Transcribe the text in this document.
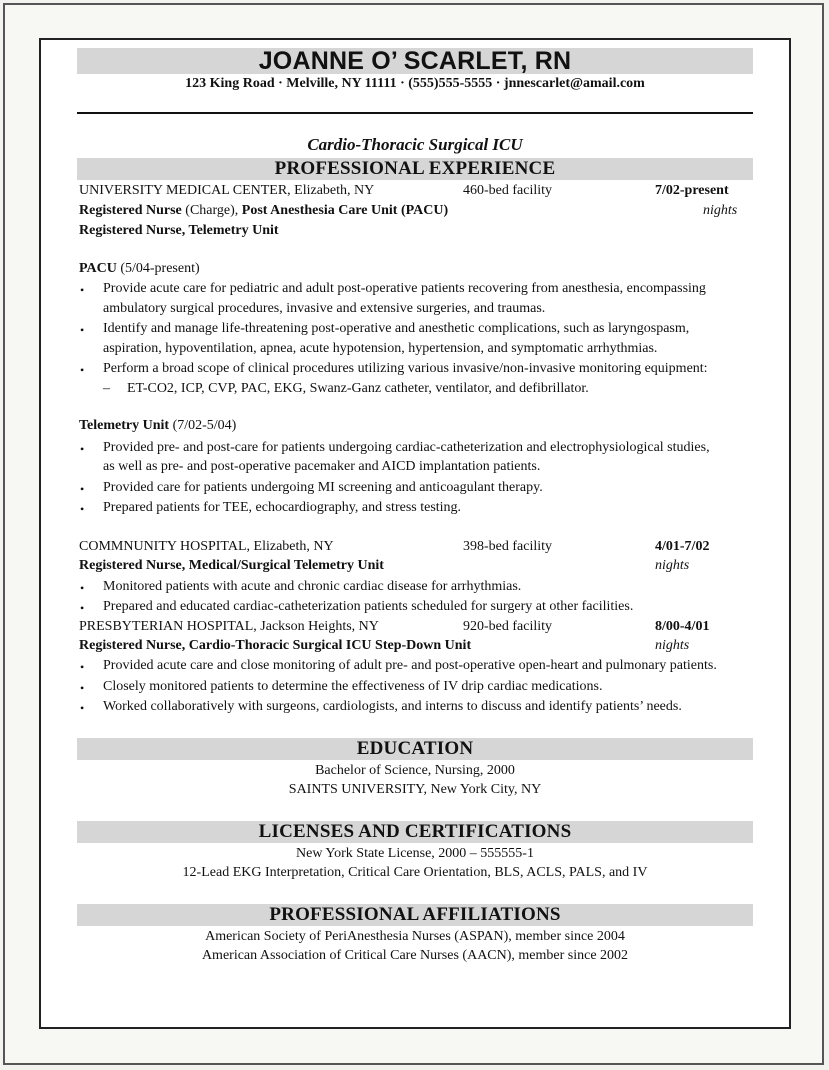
JOANNE O’ SCARLET, RN
123 King Road · Melville, NY 11111 · (555)555-5555 · jnnescarlet@amail.com
Cardio-Thoracic Surgical ICU
PROFESSIONAL EXPERIENCE
UNIVERSITY MEDICAL CENTER, Elizabeth, NY	460-bed facility	7/02-present
Registered Nurse (Charge), Post Anesthesia Care Unit (PACU)	nights
Registered Nurse, Telemetry Unit
PACU (5/04-present)
•
Provide acute care for pediatric and adult post-operative patients recovering from anesthesia, encompassing
ambulatory surgical procedures, invasive and extensive surgeries, and traumas.
•
Identify and manage life-threatening post-operative and anesthetic complications, such as laryngospasm,
aspiration, hypoventilation, apnea, acute hypotension, hypertension, and symptomatic arrhythmias.
•
Perform a broad scope of clinical procedures utilizing various invasive/non-invasive monitoring equipment:
–
ET-CO2, ICP, CVP, PAC, EKG, Swanz-Ganz catheter, ventilator, and defibrillator.
Telemetry Unit (7/02-5/04)
•
Provided pre- and post-care for patients undergoing cardiac-catheterization and electrophysiological studies,
as well as pre- and post-operative pacemaker and AICD implantation patients.
•
Provided care for patients undergoing MI screening and anticoagulant therapy.
•
Prepared patients for TEE, echocardiography, and stress testing.
COMMNUNITY HOSPITAL, Elizabeth, NY	398-bed facility	4/01-7/02
Registered Nurse, Medical/Surgical Telemetry Unit	nights
•
Monitored patients with acute and chronic cardiac disease for arrhythmias.
•
Prepared and educated cardiac-catheterization patients scheduled for surgery at other facilities.
PRESBYTERIAN HOSPITAL, Jackson Heights, NY	920-bed facility	8/00-4/01
Registered Nurse, Cardio-Thoracic Surgical ICU Step-Down Unit	nights
•
Provided acute care and close monitoring of adult pre- and post-operative open-heart and pulmonary patients.
•
Closely monitored patients to determine the effectiveness of IV drip cardiac medications.
•
Worked collaboratively with surgeons, cardiologists, and interns to discuss and identify patients’ needs.
EDUCATION
Bachelor of Science, Nursing, 2000
SAINTS UNIVERSITY, New York City, NY
LICENSES AND CERTIFICATIONS
New York State License, 2000 – 555555-1
12-Lead EKG Interpretation, Critical Care Orientation, BLS, ACLS, PALS, and IV
PROFESSIONAL AFFILIATIONS
American Society of PeriAnesthesia Nurses (ASPAN), member since 2004
American Association of Critical Care Nurses (AACN), member since 2002
